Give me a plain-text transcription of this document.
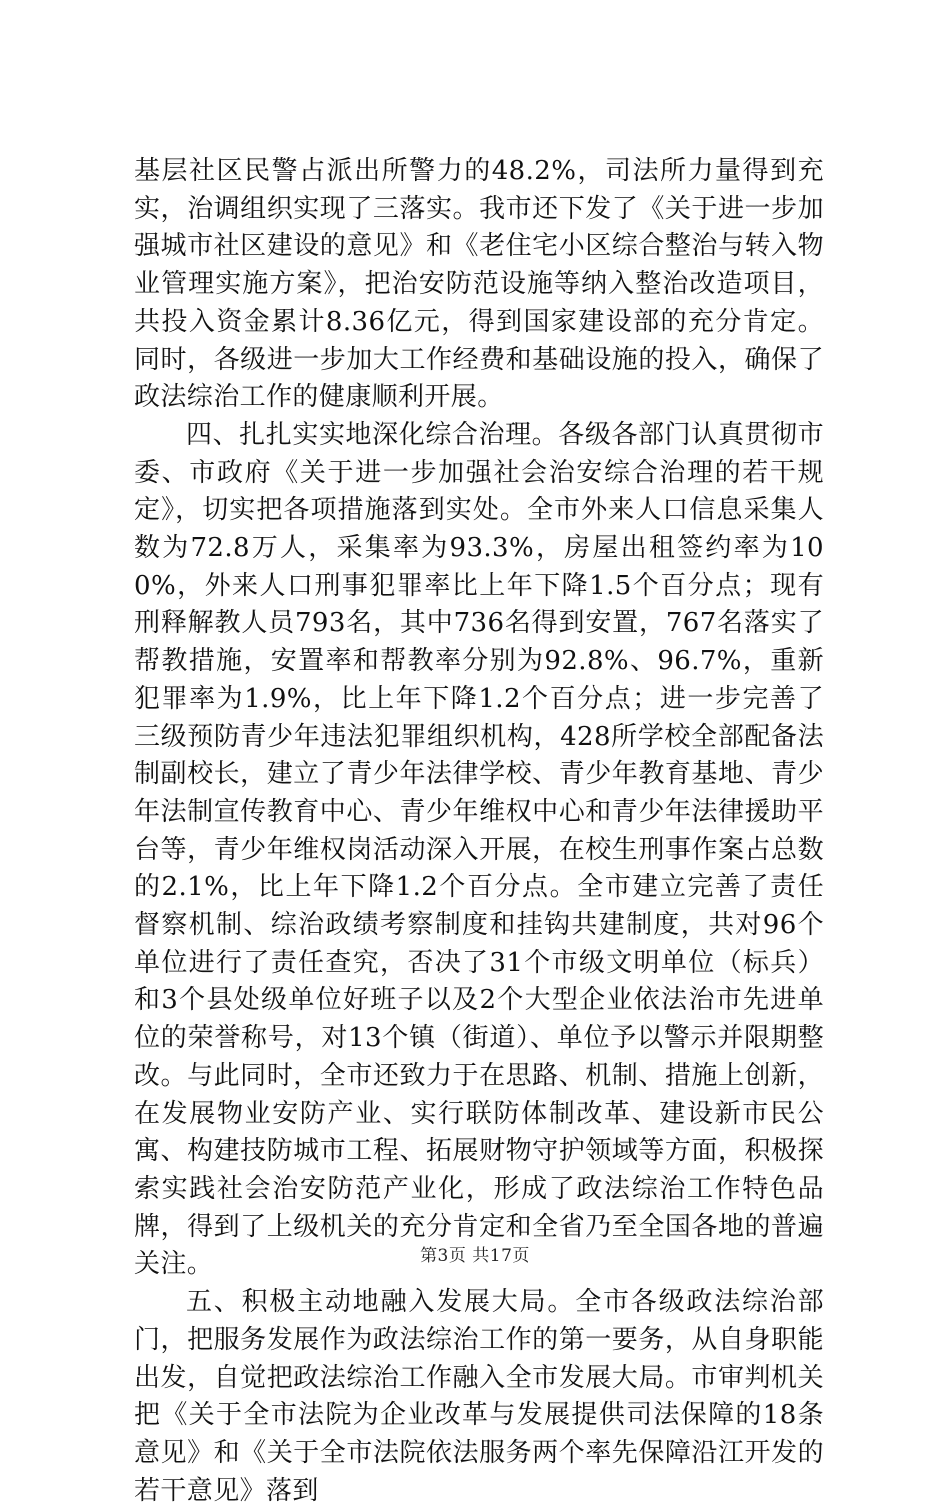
基层社区民警占派出所警力的48.2%，司法所力量得到充实，治调组织实现了三落实。我市还下发了《关于进一步加强城市社区建设的意见》和《老住宅小区综合整治与转入物业管理实施方案》，把治安防范设施等纳入整治改造项目，共投入资金累计8.36亿元，得到国家建设部的充分肯定。同时，各级进一步加大工作经费和基础设施的投入，确保了政法综治工作的健康顺利开展。

四、扎扎实实地深化综合治理。各级各部门认真贯彻市委、市政府《关于进一步加强社会治安综合治理的若干规定》，切实把各项措施落到实处。全市外来人口信息采集人数为72.8万人，采集率为93.3%，房屋出租签约率为100%，外来人口刑事犯罪率比上年下降1.5个百分点；现有刑释解教人员793名，其中736名得到安置，767名落实了帮教措施，安置率和帮教率分别为92.8%、96.7%，重新犯罪率为1.9%，比上年下降1.2个百分点；进一步完善了三级预防青少年违法犯罪组织机构，428所学校全部配备法制副校长，建立了青少年法律学校、青少年教育基地、青少年法制宣传教育中心、青少年维权中心和青少年法律援助平台等，青少年维权岗活动深入开展，在校生刑事作案占总数的2.1%，比上年下降1.2个百分点。全市建立完善了责任督察机制、综治政绩考察制度和挂钩共建制度，共对96个单位进行了责任查究，否决了31个市级文明单位（标兵）和3个县处级单位好班子以及2个大型企业依法治市先进单位的荣誉称号，对13个镇（街道）、单位予以警示并限期整改。与此同时，全市还致力于在思路、机制、措施上创新，在发展物业安防产业、实行联防体制改革、建设新市民公寓、构建技防城市工程、拓展财物守护领域等方面，积极探索实践社会治安防范产业化，形成了政法综治工作特色品牌，得到了上级机关的充分肯定和全省乃至全国各地的普遍关注。

五、积极主动地融入发展大局。全市各级政法综治部门，把服务发展作为政法综治工作的第一要务，从自身职能出发，自觉把政法综治工作融入全市发展大局。市审判机关把《关于全市法院为企业改革与发展提供司法保障的18条意见》和《关于全市法院依法服务两个率先保障沿江开发的若干意见》落到

第3页 共17页
